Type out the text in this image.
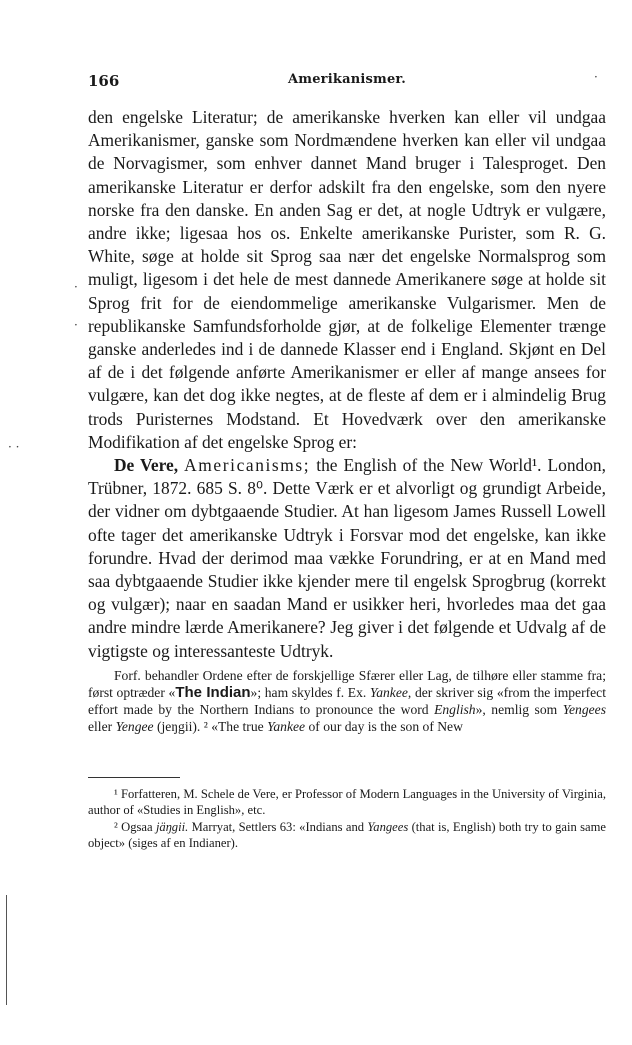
166	Amerikanismer.

den engelske Literatur; de amerikanske hverken kan eller vil undgaa Amerikanismer, ganske som Nordmændene hverken kan eller vil undgaa de Norvagismer, som enhver dannet Mand bruger i Talesproget. Den amerikanske Literatur er derfor adskilt fra den engelske, som den nyere norske fra den danske. En anden Sag er det, at nogle Udtryk er vulgære, andre ikke; ligesaa hos os. Enkelte amerikanske Purister, som R. G. White, søge at holde sit Sprog saa nær det engelske Normalsprog som muligt, ligesom i det hele de mest dannede Amerikanere søge at holde sit Sprog frit for de eiendommelige amerikanske Vulgarismer. Men de republikanske Samfundsforholde gjør, at de folkelige Elementer trænge ganske anderledes ind i de dannede Klasser end i England. Skjønt en Del af de i det følgende anførte Amerikanismer er eller af mange ansees for vulgære, kan det dog ikke negtes, at de fleste af dem er i almindelig Brug trods Puristernes Modstand. Et Hovedværk over den amerikanske Modifikation af det engelske Sprog er:

De Vere, Americanisms; the English of the New World¹. London, Trübner, 1872. 685 S. 8⁰. Dette Værk er et alvorligt og grundigt Arbeide, der vidner om dybtgaaende Studier. At han ligesom James Russell Lowell ofte tager det amerikanske Udtryk i Forsvar mod det engelske, kan ikke forundre. Hvad der derimod maa vække Forundring, er at en Mand med saa dybtgaaende Studier ikke kjender mere til engelsk Sprogbrug (korrekt og vulgær); naar en saadan Mand er usikker heri, hvorledes maa det gaa andre mindre lærde Amerikanere? Jeg giver i det følgende et Udvalg af de vigtigste og interessanteste Udtryk.

Forf. behandler Ordene efter de forskjellige Sfærer eller Lag, de tilhøre eller stamme fra; først optræder «The Indian»; ham skyldes f. Ex. Yankee, der skriver sig «from the imperfect effort made by the Northern Indians to pronounce the word English», nemlig som Yengees eller Yengee (jeŋgii). ² «The true Yankee of our day is the son of New

¹ Forfatteren, M. Schele de Vere, er Professor of Modern Languages in the University of Virginia, author of «Studies in English», etc.

² Ogsaa jäŋgii. Marryat, Settlers 63: «Indians and Yangees (that is, English) both try to gain same object» (siges af en Indianer).

·
·
·
· ·
